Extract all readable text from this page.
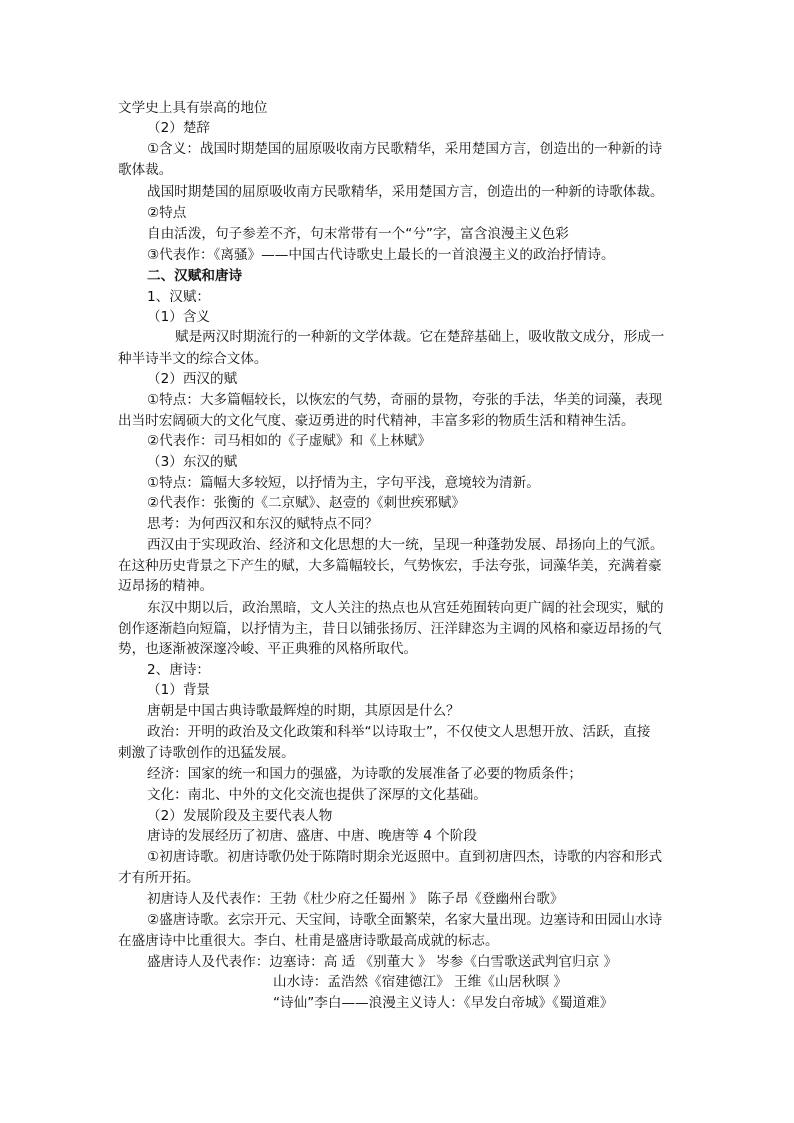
文学史上具有崇高的地位
（2）楚辞
①含义：战国时期楚国的屈原吸收南方民歌精华，采用楚国方言，创造出的一种新的诗
歌体裁。
战国时期楚国的屈原吸收南方民歌精华，采用楚国方言，创造出的一种新的诗歌体裁。
②特点
自由活泼，句子参差不齐，句末常带有一个“兮”字，富含浪漫主义色彩
③代表作：《离骚》——中国古代诗歌史上最长的一首浪漫主义的政治抒情诗。
二、汉赋和唐诗
1、汉赋：
（1）含义
赋是两汉时期流行的一种新的文学体裁。它在楚辞基础上，吸收散文成分，形成一
种半诗半文的综合文体。
（2）西汉的赋
①特点：大多篇幅较长，以恢宏的气势，奇丽的景物，夸张的手法，华美的词藻，表现
出当时宏阔硕大的文化气度、豪迈勇进的时代精神，丰富多彩的物质生活和精神生活。
②代表作：司马相如的《子虚赋》和《上林赋》
（3）东汉的赋
①特点：篇幅大多较短，以抒情为主，字句平浅，意境较为清新。
②代表作：张衡的《二京赋》、赵壹的《刺世疾邪赋》
思考：为何西汉和东汉的赋特点不同？
西汉由于实现政治、经济和文化思想的大一统，呈现一种蓬勃发展、昂扬向上的气派。
在这种历史背景之下产生的赋，大多篇幅较长，气势恢宏，手法夸张，词藻华美，充满着豪
迈昂扬的精神。
东汉中期以后，政治黑暗，文人关注的热点也从宫廷苑囿转向更广阔的社会现实，赋的
创作逐渐趋向短篇，以抒情为主，昔日以铺张扬厉、汪洋肆恣为主调的风格和豪迈昂扬的气
势，也逐渐被深邃冷峻、平正典雅的风格所取代。
2、唐诗：
（1）背景
唐朝是中国古典诗歌最辉煌的时期，其原因是什么？
政治：开明的政治及文化政策和科举“以诗取士”，不仅使文人思想开放、活跃，直接
刺激了诗歌创作的迅猛发展。
经济：国家的统一和国力的强盛，为诗歌的发展准备了必要的物质条件；
文化：南北、中外的文化交流也提供了深厚的文化基础。
（2）发展阶段及主要代表人物
唐诗的发展经历了初唐、盛唐、中唐、晚唐等 4 个阶段
①初唐诗歌。初唐诗歌仍处于陈隋时期余光返照中。直到初唐四杰，诗歌的内容和形式
才有所开拓。
初唐诗人及代表作：王勃《杜少府之任蜀州 》 陈子昂《登幽州台歌》
②盛唐诗歌。玄宗开元、天宝间，诗歌全面繁荣，名家大量出现。边塞诗和田园山水诗
在盛唐诗中比重很大。李白、杜甫是盛唐诗歌最高成就的标志。
盛唐诗人及代表作：边塞诗：高 适 《别董大 》 岑参《白雪歌送武判官归京 》
山水诗：孟浩然《宿建德江》 王维《山居秋暝 》
“诗仙”李白——浪漫主义诗人：《早发白帝城》《蜀道难》
